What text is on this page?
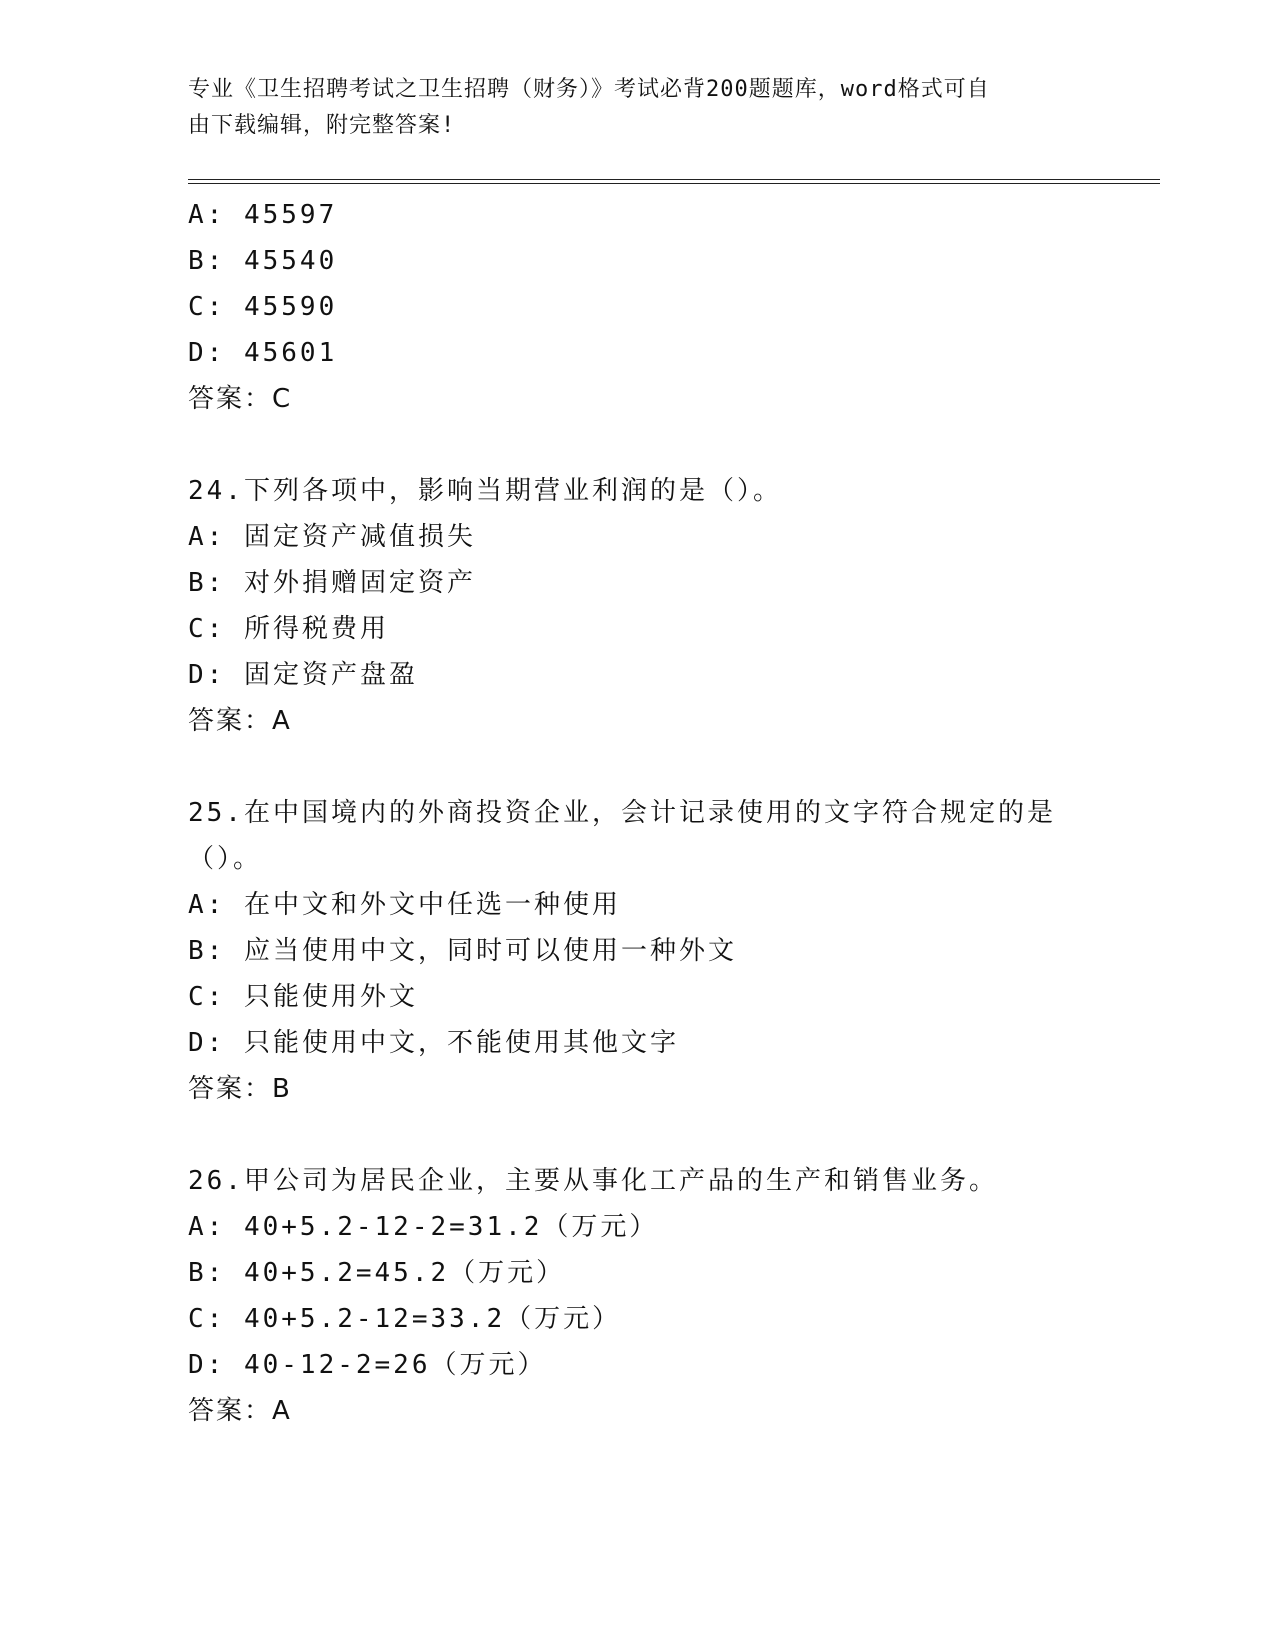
专业《卫生招聘考试之卫生招聘（财务）》考试必背200题题库，word格式可自
由下载编辑，附完整答案!
A: 45597
B: 45540
C: 45590
D: 45601
答案：C
24.下列各项中，影响当期营业利润的是（）。
A: 固定资产减值损失
B: 对外捐赠固定资产
C: 所得税费用
D: 固定资产盘盈
答案：A
25.在中国境内的外商投资企业，会计记录使用的文字符合规定的是（）。
A: 在中文和外文中任选一种使用
B: 应当使用中文，同时可以使用一种外文
C: 只能使用外文
D: 只能使用中文，不能使用其他文字
答案：B
26.甲公司为居民企业，主要从事化工产品的生产和销售业务。
A: 40+5.2-12-2=31.2（万元）
B: 40+5.2=45.2（万元）
C: 40+5.2-12=33.2（万元）
D: 40-12-2=26（万元）
答案：A
